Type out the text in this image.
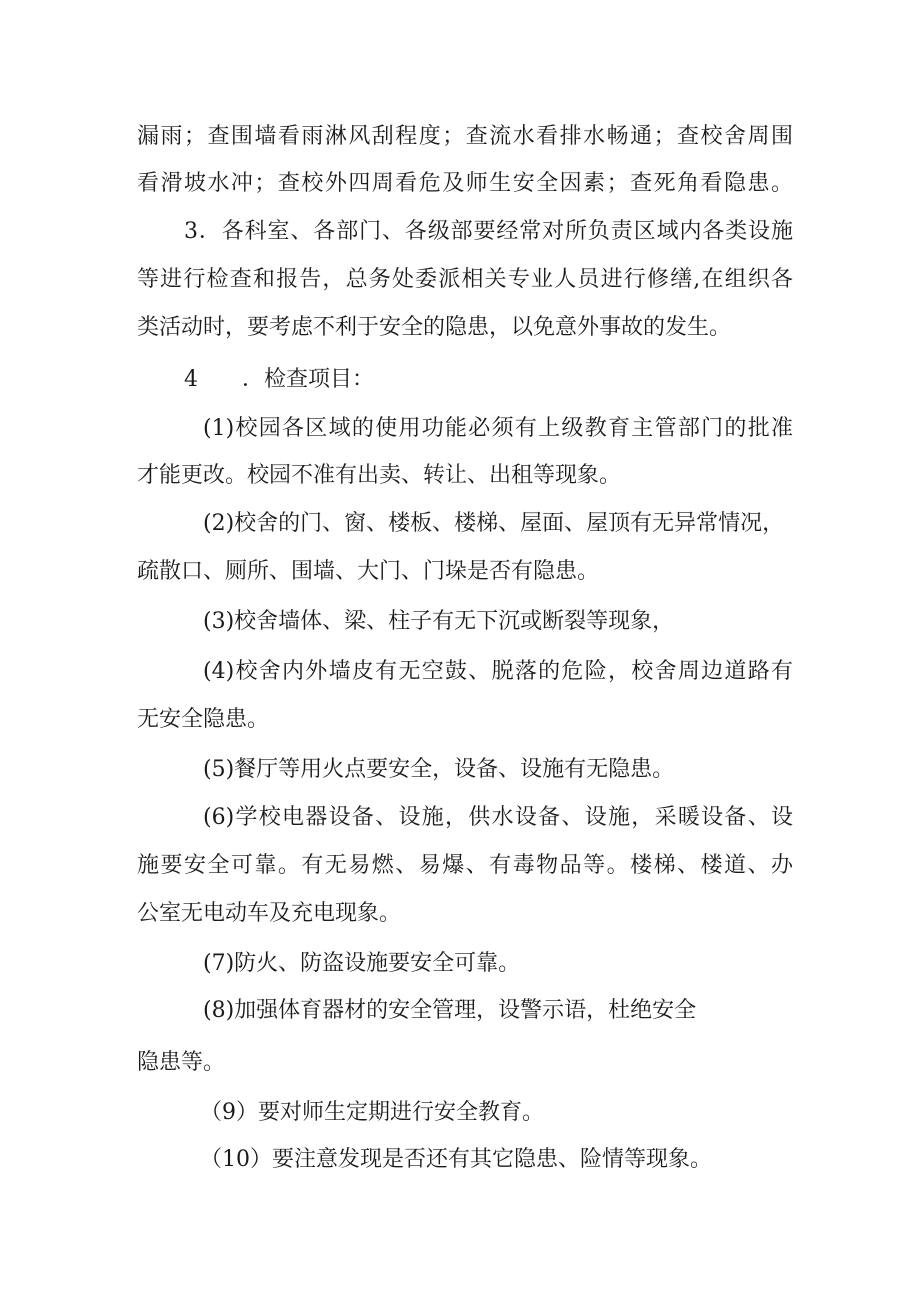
漏雨；查围墙看雨淋风刮程度；查流水看排水畅通；查校舍周围

看滑坡水冲；查校外四周看危及师生安全因素；查死角看隐患。

3．各科室、各部门、各级部要经常对所负责区域内各类设施

等进行检查和报告，总务处委派相关专业人员进行修缮,在组织各

类活动时，要考虑不利于安全的隐患，以免意外事故的发生。

4 ．检查项目：

(1)校园各区域的使用功能必须有上级教育主管部门的批准

才能更改。校园不准有出卖、转让、出租等现象。

(2)校舍的门、窗、楼板、楼梯、屋面、屋顶有无异常情况，

疏散口、厕所、围墙、大门、门垛是否有隐患。

(3)校舍墙体、梁、柱子有无下沉或断裂等现象，

(4)校舍内外墙皮有无空鼓、脱落的危险，校舍周边道路有

无安全隐患。

(5)餐厅等用火点要安全，设备、设施有无隐患。

(6)学校电器设备、设施，供水设备、设施，采暖设备、设

施要安全可靠。有无易燃、易爆、有毒物品等。楼梯、楼道、办

公室无电动车及充电现象。

(7)防火、防盗设施要安全可靠。

(8)加强体育器材的安全管理，设警示语，杜绝安全

隐患等。

（9）要对师生定期进行安全教育。

（10）要注意发现是否还有其它隐患、险情等现象。
